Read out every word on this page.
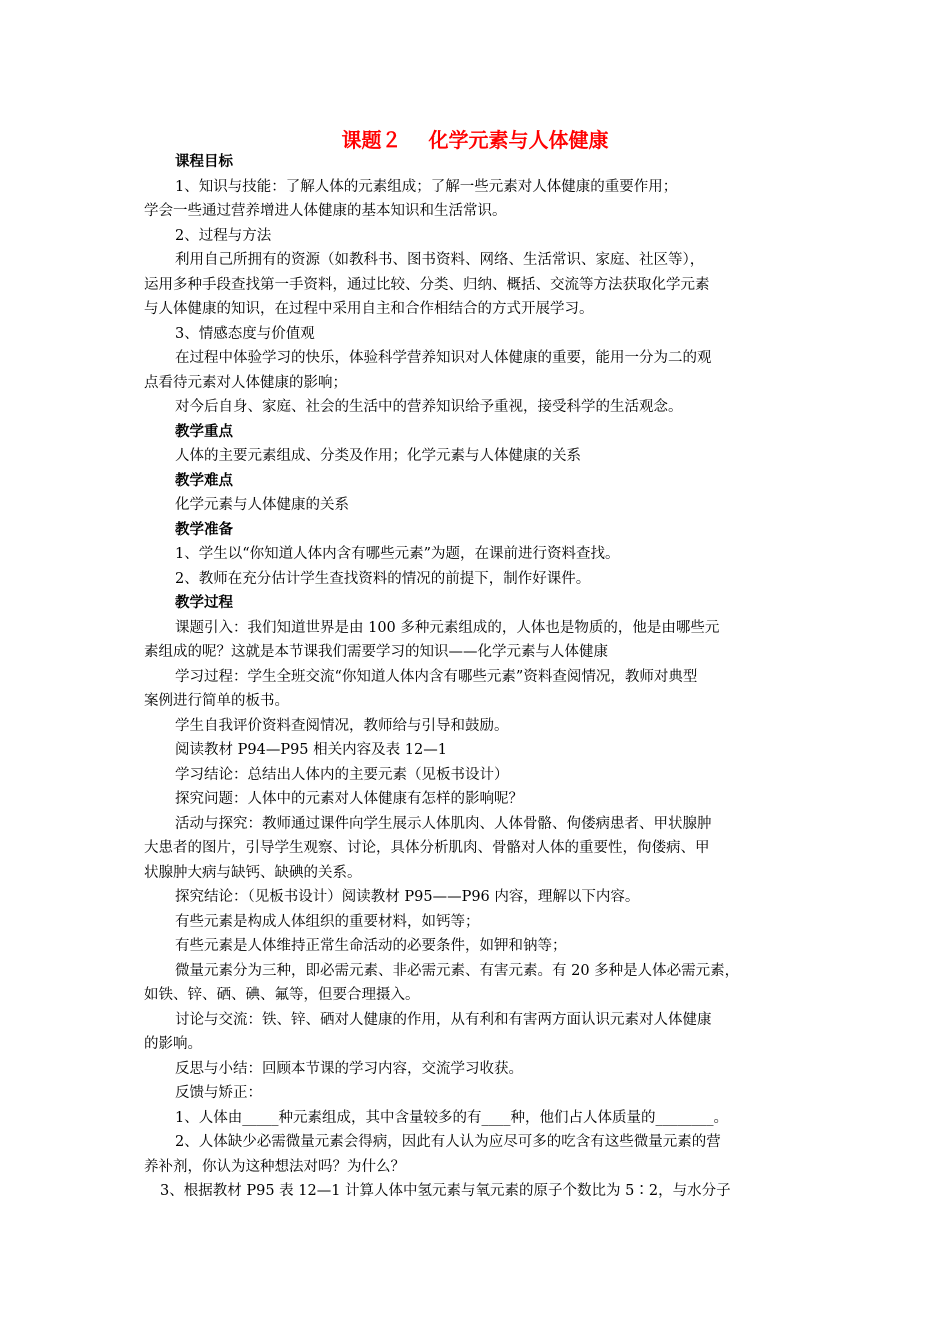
课题２　 化学元素与人体健康

课程目标

1、知识与技能：了解人体的元素组成；了解一些元素对人体健康的重要作用；

学会一些通过营养增进人体健康的基本知识和生活常识。

2、过程与方法

利用自己所拥有的资源（如教科书、图书资料、网络、生活常识、家庭、社区等），

运用多种手段查找第一手资料，通过比较、分类、归纳、概括、交流等方法获取化学元素

与人体健康的知识，在过程中采用自主和合作相结合的方式开展学习。

3、情感态度与价值观

在过程中体验学习的快乐，体验科学营养知识对人体健康的重要，能用一分为二的观

点看待元素对人体健康的影响；

对今后自身、家庭、社会的生活中的营养知识给予重视，接受科学的生活观念。

教学重点

人体的主要元素组成、分类及作用；化学元素与人体健康的关系

教学难点

化学元素与人体健康的关系

教学准备

1、学生以“你知道人体内含有哪些元素”为题，在课前进行资料查找。

2、教师在充分估计学生查找资料的情况的前提下，制作好课件。

教学过程

课题引入：我们知道世界是由 100 多种元素组成的，人体也是物质的，他是由哪些元

素组成的呢？这就是本节课我们需要学习的知识——化学元素与人体健康

学习过程：学生全班交流“你知道人体内含有哪些元素”资料查阅情况，教师对典型

案例进行简单的板书。

学生自我评价资料查阅情况，教师给与引导和鼓励。

阅读教材 P94—P95 相关内容及表 12—1

学习结论：总结出人体内的主要元素（见板书设计）

探究问题：人体中的元素对人体健康有怎样的影响呢？

活动与探究：教师通过课件向学生展示人体肌肉、人体骨骼、佝偻病患者、甲状腺肿

大患者的图片，引导学生观察、讨论，具体分析肌肉、骨骼对人体的重要性，佝偻病、甲

状腺肿大病与缺钙、缺碘的关系。

探究结论：（见板书设计）阅读教材 P95——P96 内容，理解以下内容。

有些元素是构成人体组织的重要材料，如钙等；

有些元素是人体维持正常生命活动的必要条件，如钾和钠等；

微量元素分为三种，即必需元素、非必需元素、有害元素。有 20 多种是人体必需元素，

如铁、锌、硒、碘、氟等，但要合理摄入。

讨论与交流：铁、锌、硒对人健康的作用，从有利和有害两方面认识元素对人体健康

的影响。

反思与小结：回顾本节课的学习内容，交流学习收获。

反馈与矫正：

1、人体由_____种元素组成，其中含量较多的有____种，他们占人体质量的________。

2、人体缺少必需微量元素会得病，因此有人认为应尽可多的吃含有这些微量元素的营

养补剂，你认为这种想法对吗？为什么？

3、根据教材 P95 表 12—1 计算人体中氢元素与氧元素的原子个数比为 5∶2，与水分子
